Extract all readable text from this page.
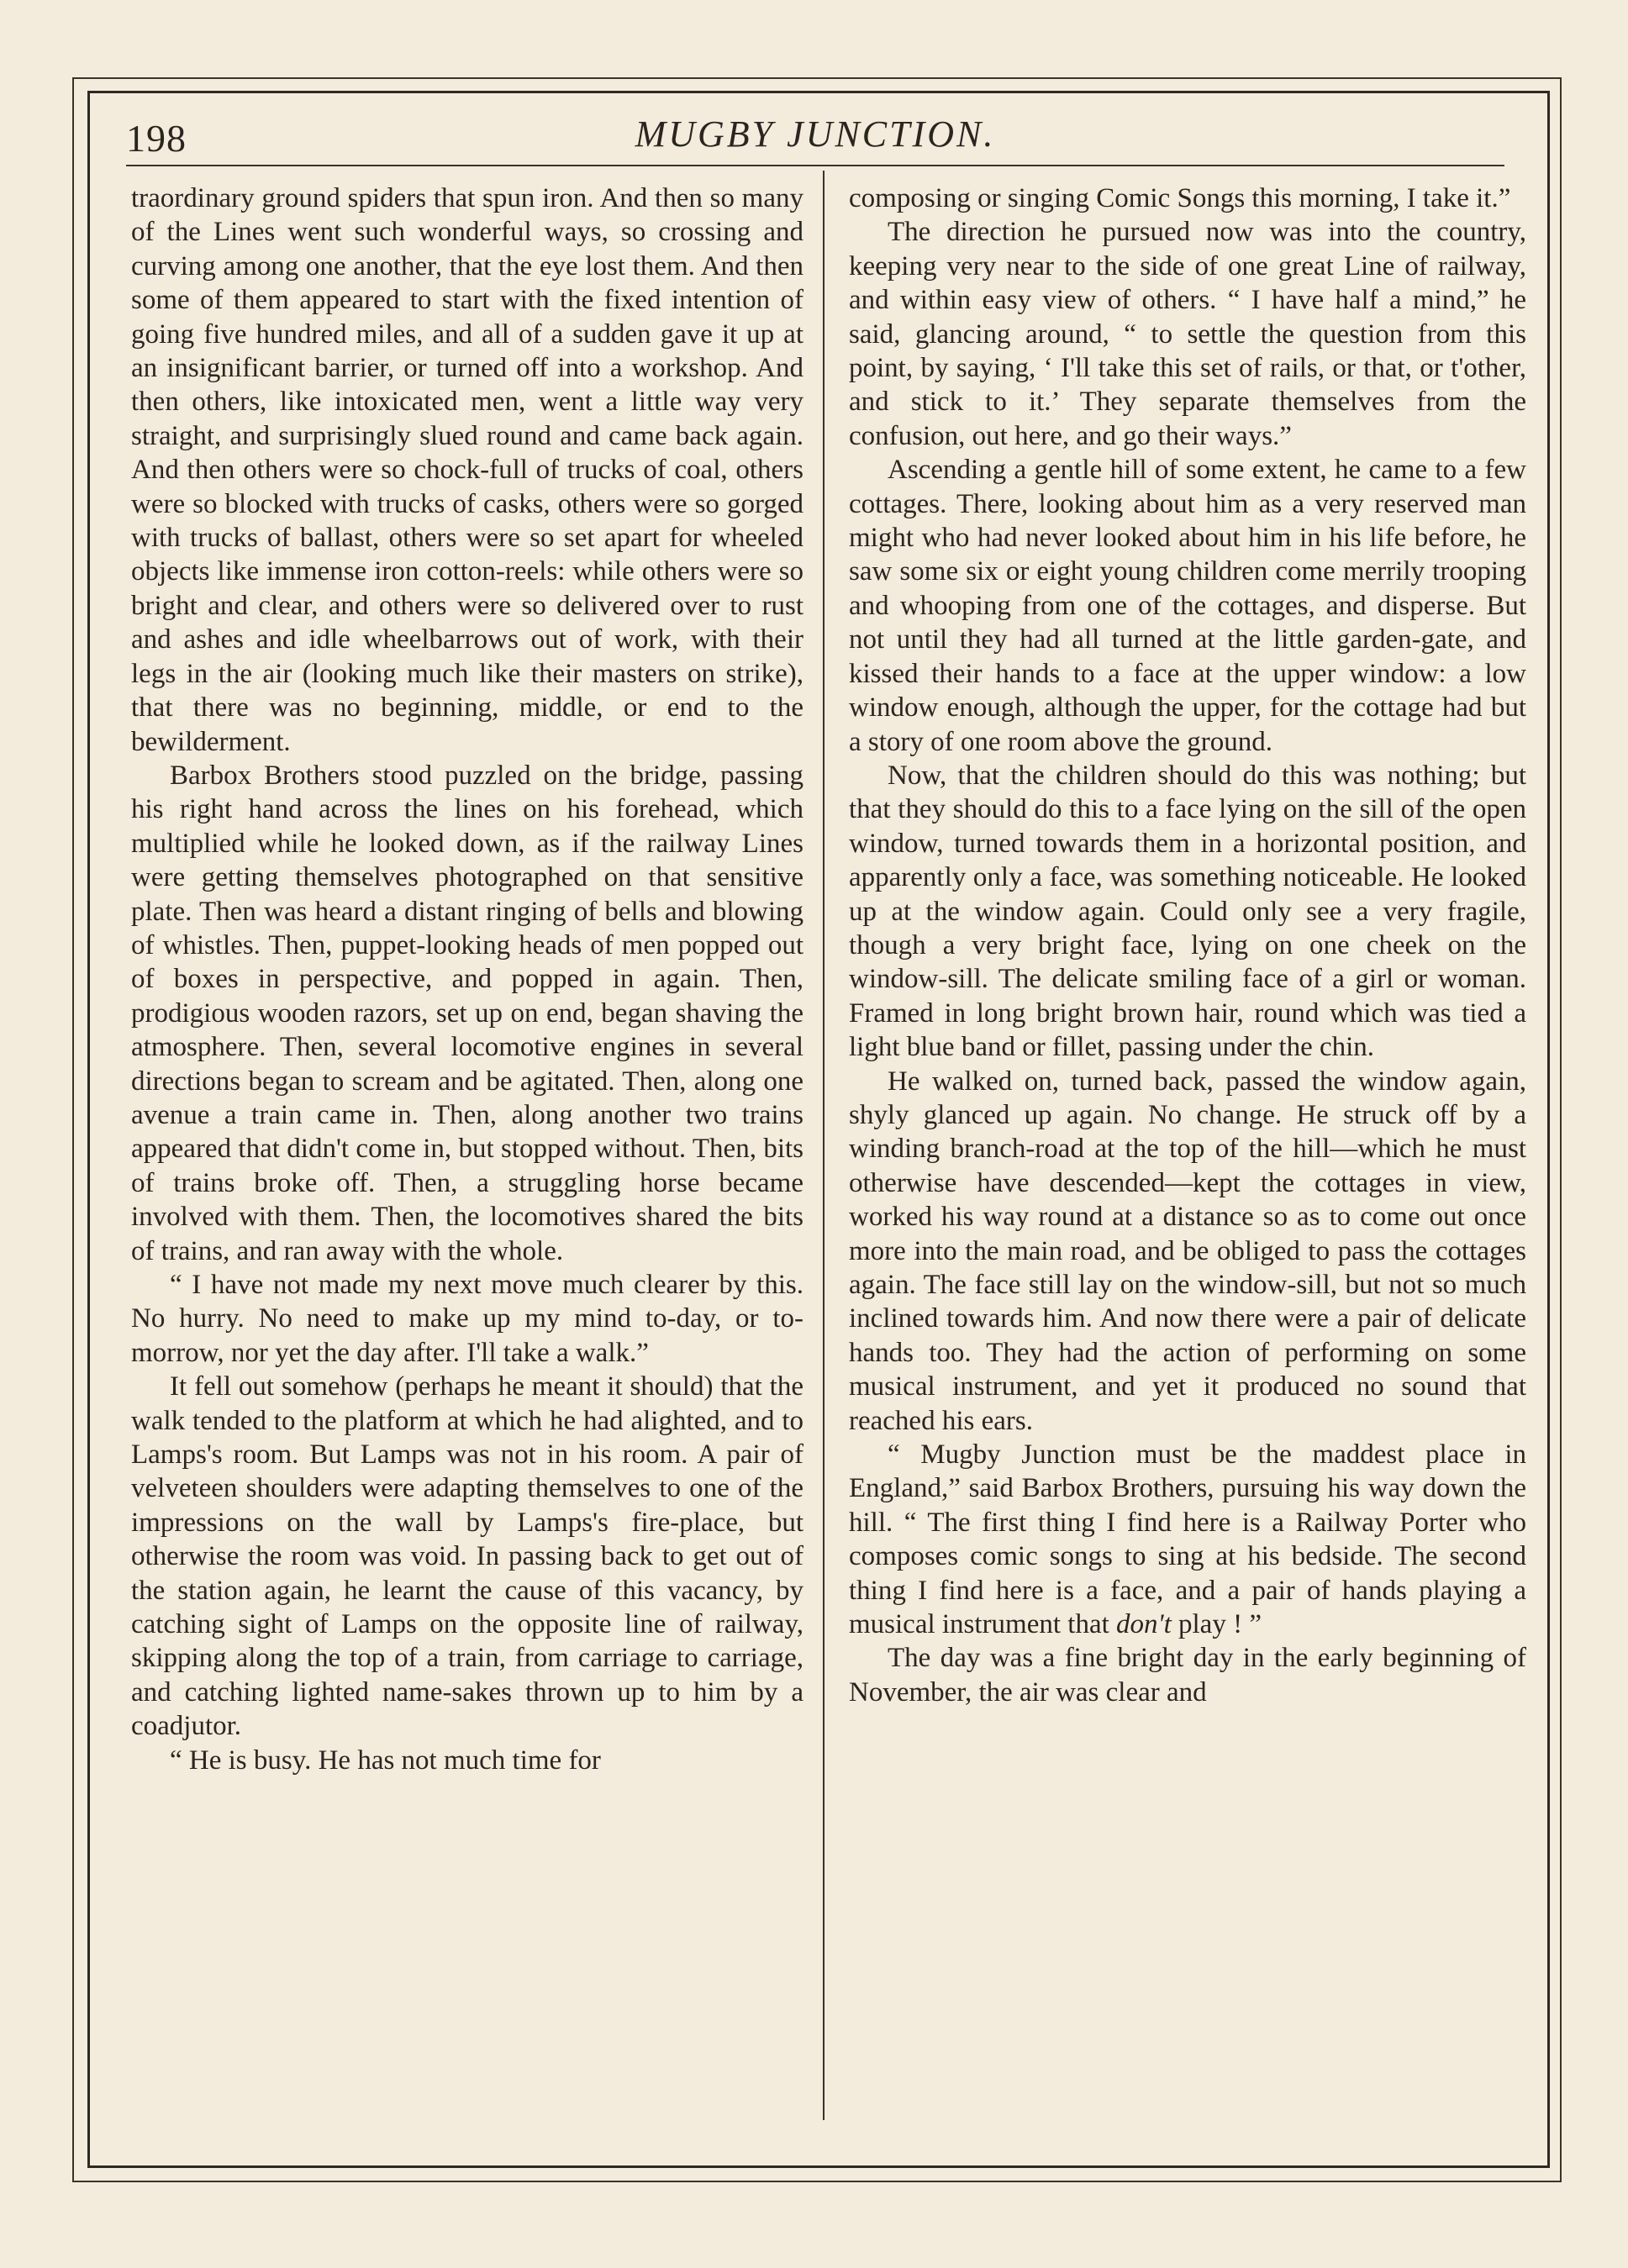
198	MUGBY JUNCTION.

traordinary ground spiders that spun iron. And then so many of the Lines went such wonderful ways, so crossing and curving among one another, that the eye lost them. And then some of them appeared to start with the fixed intention of going five hundred miles, and all of a sudden gave it up at an insignificant barrier, or turned off into a workshop. And then others, like intoxicated men, went a little way very straight, and surprisingly slued round and came back again. And then others were so chock-full of trucks of coal, others were so blocked with trucks of casks, others were so gorged with trucks of ballast, others were so set apart for wheeled objects like immense iron cotton-reels: while others were so bright and clear, and others were so delivered over to rust and ashes and idle wheelbarrows out of work, with their legs in the air (looking much like their masters on strike), that there was no beginning, middle, or end to the bewilderment.

Barbox Brothers stood puzzled on the bridge, passing his right hand across the lines on his forehead, which multiplied while he looked down, as if the railway Lines were getting themselves photographed on that sensitive plate. Then was heard a distant ringing of bells and blowing of whistles. Then, puppet-looking heads of men popped out of boxes in perspective, and popped in again. Then, prodigious wooden razors, set up on end, began shaving the atmosphere. Then, several locomotive engines in several directions began to scream and be agitated. Then, along one avenue a train came in. Then, along another two trains appeared that didn't come in, but stopped without. Then, bits of trains broke off. Then, a struggling horse became involved with them. Then, the locomotives shared the bits of trains, and ran away with the whole.

“ I have not made my next move much clearer by this. No hurry. No need to make up my mind to-day, or to-morrow, nor yet the day after. I'll take a walk.”

It fell out somehow (perhaps he meant it should) that the walk tended to the platform at which he had alighted, and to Lamps's room. But Lamps was not in his room. A pair of velveteen shoulders were adapting themselves to one of the impressions on the wall by Lamps's fire-place, but otherwise the room was void. In passing back to get out of the station again, he learnt the cause of this vacancy, by catching sight of Lamps on the opposite line of railway, skipping along the top of a train, from carriage to carriage, and catching lighted name-sakes thrown up to him by a coadjutor.

“ He is busy. He has not much time for

composing or singing Comic Songs this morning, I take it.”

The direction he pursued now was into the country, keeping very near to the side of one great Line of railway, and within easy view of others. “ I have half a mind,” he said, glancing around, “ to settle the question from this point, by saying, ‘ I'll take this set of rails, or that, or t'other, and stick to it.’ They separate themselves from the confusion, out here, and go their ways.”

Ascending a gentle hill of some extent, he came to a few cottages. There, looking about him as a very reserved man might who had never looked about him in his life before, he saw some six or eight young children come merrily trooping and whooping from one of the cottages, and disperse. But not until they had all turned at the little garden-gate, and kissed their hands to a face at the upper window: a low window enough, although the upper, for the cottage had but a story of one room above the ground.

Now, that the children should do this was nothing; but that they should do this to a face lying on the sill of the open window, turned towards them in a horizontal position, and apparently only a face, was something noticeable. He looked up at the window again. Could only see a very fragile, though a very bright face, lying on one cheek on the window-sill. The delicate smiling face of a girl or woman. Framed in long bright brown hair, round which was tied a light blue band or fillet, passing under the chin.

He walked on, turned back, passed the window again, shyly glanced up again. No change. He struck off by a winding branch-road at the top of the hill—which he must otherwise have descended—kept the cottages in view, worked his way round at a distance so as to come out once more into the main road, and be obliged to pass the cottages again. The face still lay on the window-sill, but not so much inclined towards him. And now there were a pair of delicate hands too. They had the action of performing on some musical instrument, and yet it produced no sound that reached his ears.

“ Mugby Junction must be the maddest place in England,” said Barbox Brothers, pursuing his way down the hill. “ The first thing I find here is a Railway Porter who composes comic songs to sing at his bedside. The second thing I find here is a face, and a pair of hands playing a musical instrument that don't play ! ”

The day was a fine bright day in the early beginning of November, the air was clear and
